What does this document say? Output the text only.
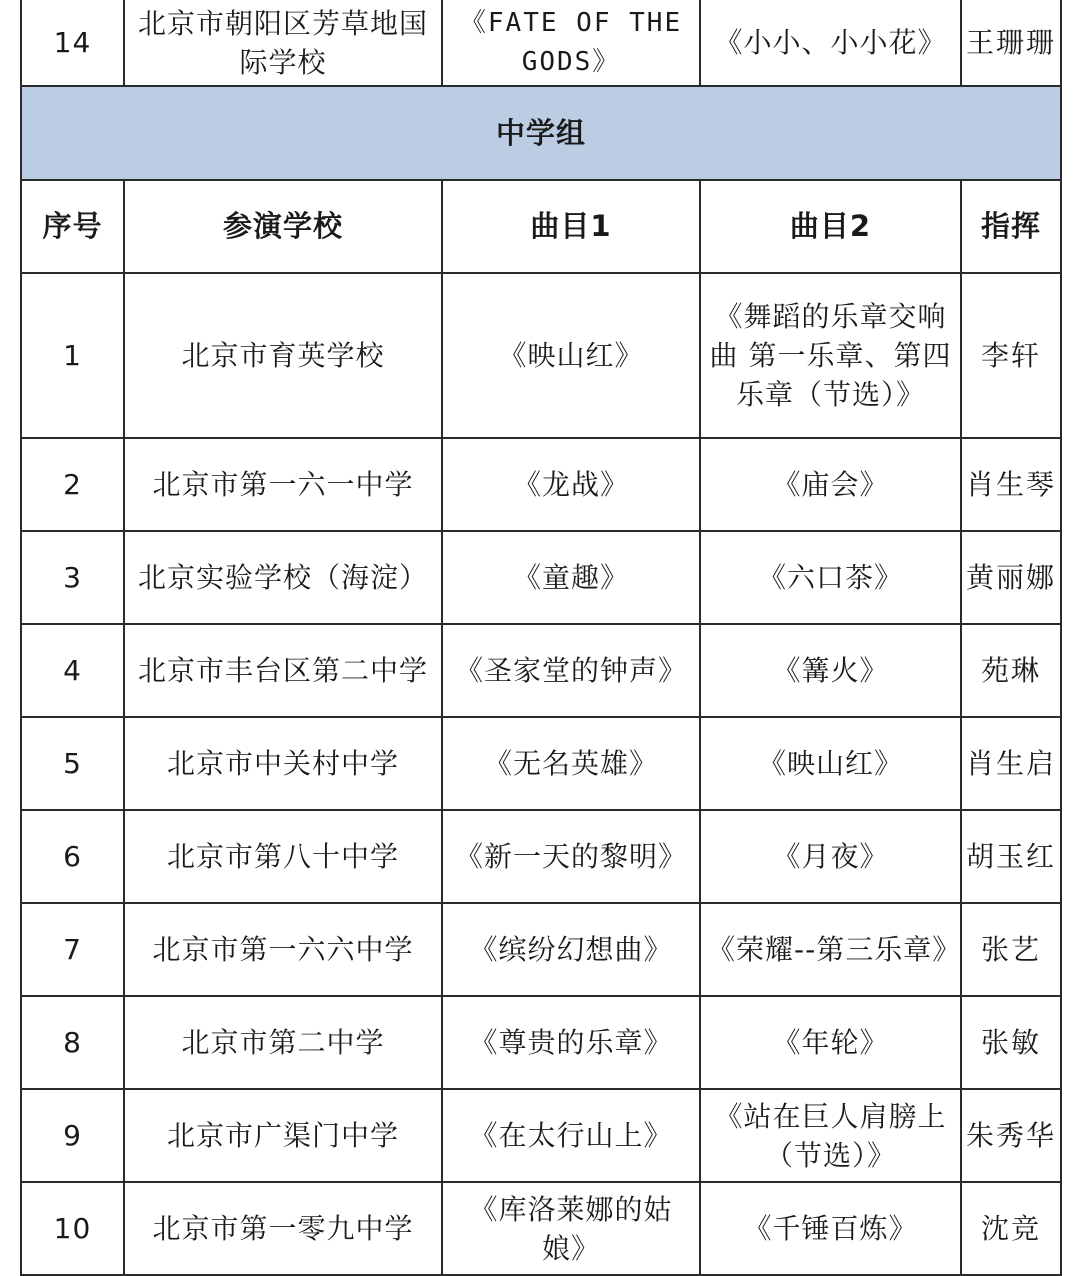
14	北京市朝阳区芳草地国际学校	《FATE OF THE GODS》	《小小、小小花》	王珊珊
中学组				
序号	参演学校	曲目1	曲目2	指挥
1	北京市育英学校	《映山红》	《舞蹈的乐章交响曲 第一乐章、第四乐章（节选）》	李轩
2	北京市第一六一中学	《龙战》	《庙会》	肖生琴
3	北京实验学校（海淀）	《童趣》	《六口茶》	黄丽娜
4	北京市丰台区第二中学	《圣家堂的钟声》	《篝火》	苑琳
5	北京市中关村中学	《无名英雄》	《映山红》	肖生启
6	北京市第八十中学	《新一天的黎明》	《月夜》	胡玉红
7	北京市第一六六中学	《缤纷幻想曲》	《荣耀--第三乐章》	张艺
8	北京市第二中学	《尊贵的乐章》	《年轮》	张敏
9	北京市广渠门中学	《在太行山上》	《站在巨人肩膀上（节选）》	朱秀华
10	北京市第一零九中学	《库洛莱娜的姑娘》	《千锤百炼》	沈竞
